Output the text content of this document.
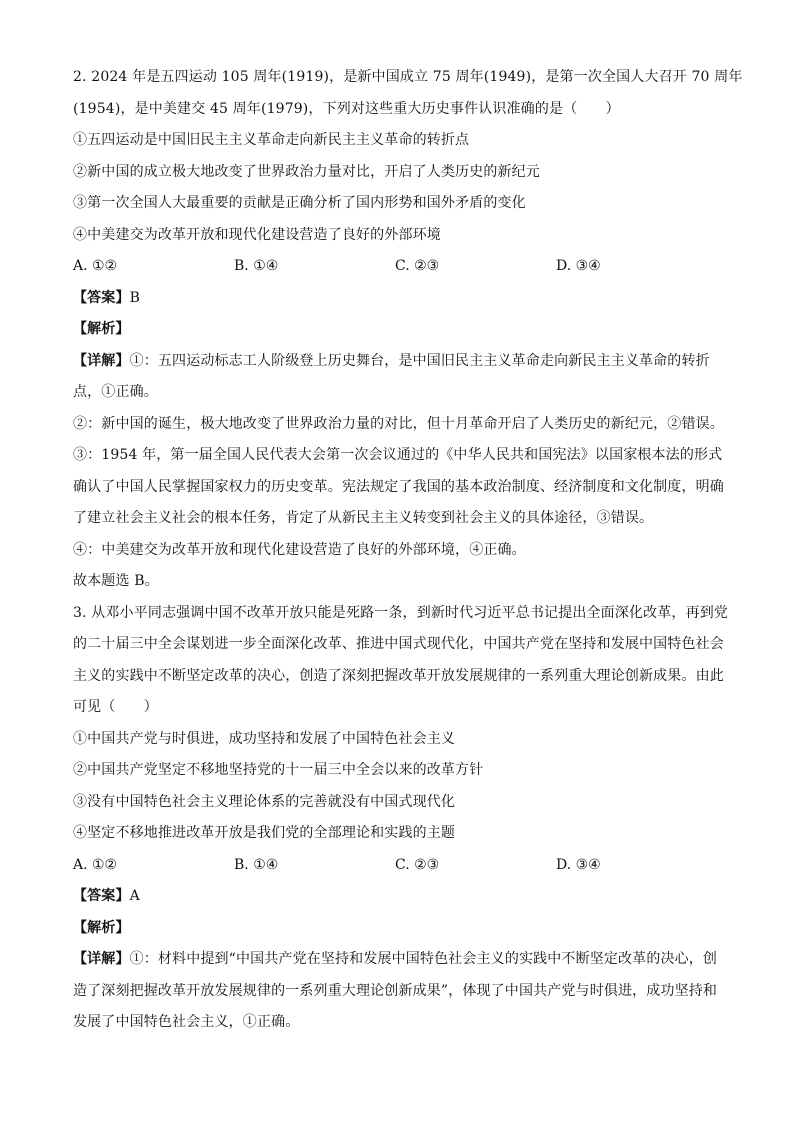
2. 2024 年是五四运动 105 周年(1919)，是新中国成立 75 周年(1949)，是第一次全国人大召开 70 周年
(1954)，是中美建交 45 周年(1979)，下列对这些重大历史事件认识准确的是（　　）
①五四运动是中国旧民主主义革命走向新民主主义革命的转折点
②新中国的成立极大地改变了世界政治力量对比，开启了人类历史的新纪元
③第一次全国人大最重要的贡献是正确分析了国内形势和国外矛盾的变化
④中美建交为改革开放和现代化建设营造了良好的外部环境
A. ①②	B. ①④	C. ②③	D. ③④
【答案】B
【解析】
【详解】①：五四运动标志工人阶级登上历史舞台，是中国旧民主主义革命走向新民主主义革命的转折
点，①正确。
②：新中国的诞生，极大地改变了世界政治力量的对比，但十月革命开启了人类历史的新纪元，②错误。
③：1954 年，第一届全国人民代表大会第一次会议通过的《中华人民共和国宪法》以国家根本法的形式
确认了中国人民掌握国家权力的历史变革。宪法规定了我国的基本政治制度、经济制度和文化制度，明确
了建立社会主义社会的根本任务，肯定了从新民主主义转变到社会主义的具体途径，③错误。
④：中美建交为改革开放和现代化建设营造了良好的外部环境，④正确。
故本题选 B。
3. 从邓小平同志强调中国不改革开放只能是死路一条，到新时代习近平总书记提出全面深化改革，再到党
的二十届三中全会谋划进一步全面深化改革、推进中国式现代化，中国共产党在坚持和发展中国特色社会
主义的实践中不断坚定改革的决心，创造了深刻把握改革开放发展规律的一系列重大理论创新成果。由此
可见（　　）
①中国共产党与时俱进，成功坚持和发展了中国特色社会主义
②中国共产党坚定不移地坚持党的十一届三中全会以来的改革方针
③没有中国特色社会主义理论体系的完善就没有中国式现代化
④坚定不移地推进改革开放是我们党的全部理论和实践的主题
A. ①②	B. ①④	C. ②③	D. ③④
【答案】A
【解析】
【详解】①：材料中提到“中国共产党在坚持和发展中国特色社会主义的实践中不断坚定改革的决心，创
造了深刻把握改革开放发展规律的一系列重大理论创新成果”，体现了中国共产党与时俱进，成功坚持和
发展了中国特色社会主义，①正确。
